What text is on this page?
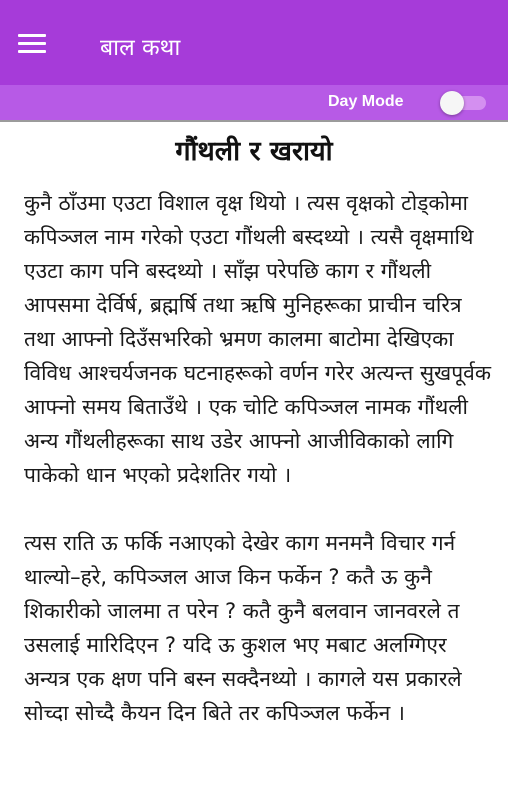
बाल कथा
Day Mode
गौंथली र खरायो

कुनै ठाँउमा एउटा विशाल वृक्ष थियो । त्यस वृक्षको टोड्कोमा कपिञ्जल नाम गरेको एउटा गौंथली बस्दथ्यो । त्यसै वृक्षमाथि एउटा काग पनि बस्दथ्यो । साँझ परेपछि काग र गौंथली आपसमा देर्विर्ष, ब्रह्मर्षि तथा ऋषि मुनिहरूका प्राचीन चरित्र तथा आफ्नो दिउँसभरिको भ्रमण कालमा बाटोमा देखिएका विविध आश्चर्यजनक घटनाहरूको वर्णन गरेर अत्यन्त सुखपूर्वक आफ्नो समय बिताउँथे । एक चोटि कपिञ्जल नामक गौंथली अन्य गौंथलीहरूका साथ उडेर आफ्नो आजीविकाको लागि पाकेको धान भएको प्रदेशतिर गयो ।

त्यस राति ऊ फर्कि नआएको देखेर काग मनमनै विचार गर्न थाल्यो–हरे, कपिञ्जल आज किन फर्केन ? कतै ऊ कुनै शिकारीको जालमा त परेन ? कतै कुनै बलवान जानवरले त उसलाई मारिदिएन ? यदि ऊ कुशल भए मबाट अलग्गिएर अन्यत्र एक क्षण पनि बस्न सक्दैनथ्यो । कागले यस प्रकारले सोच्दा सोच्दै कैयन दिन बिते तर कपिञ्जल फर्केन ।
